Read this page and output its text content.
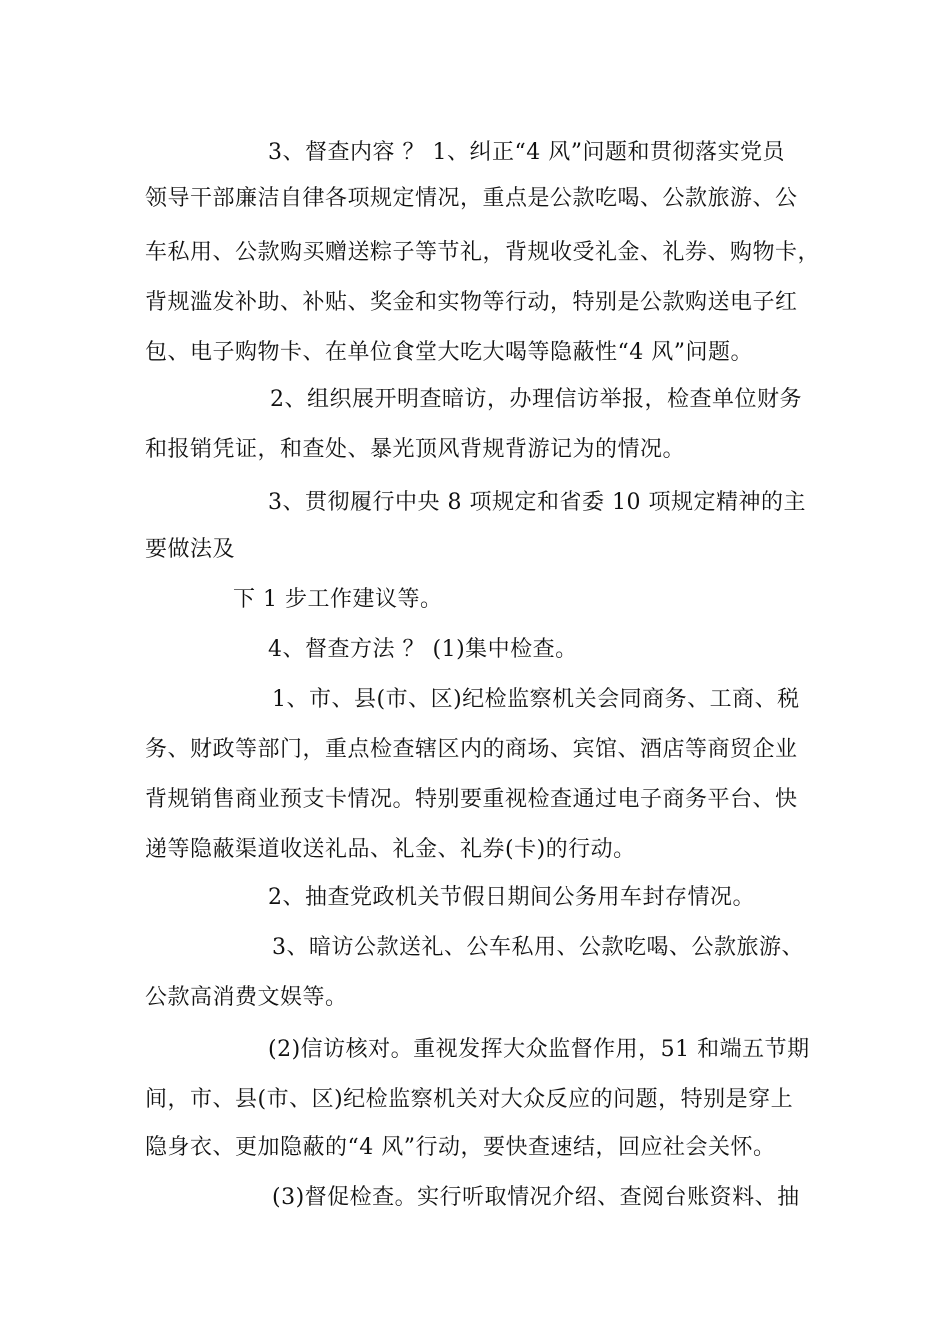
3、督查内容 ？ 1、纠正“4 风”问题和贯彻落实党员
领导干部廉洁自律各项规定情况，重点是公款吃喝、公款旅游、公
车私用、公款购买赠送粽子等节礼，背规收受礼金、礼券、购物卡，
背规滥发补助、补贴、奖金和实物等行动，特别是公款购送电子红
包、电子购物卡、在单位食堂大吃大喝等隐蔽性“4 风”问题。
2、组织展开明查暗访，办理信访举报，检查单位财务
和报销凭证，和查处、暴光顶风背规背游记为的情况。
3、贯彻履行中央 8 项规定和省委 10 项规定精神的主
要做法及
下 1 步工作建议等。
4、督查方法 ？ (1)集中检查。
1、市、县(市、区)纪检监察机关会同商务、工商、税
务、财政等部门，重点检查辖区内的商场、宾馆、酒店等商贸企业
背规销售商业预支卡情况。特别要重视检查通过电子商务平台、快
递等隐蔽渠道收送礼品、礼金、礼券(卡)的行动。
2、抽查党政机关节假日期间公务用车封存情况。
3、暗访公款送礼、公车私用、公款吃喝、公款旅游、
公款高消费文娱等。
(2)信访核对。重视发挥大众监督作用，51 和端五节期
间，市、县(市、区)纪检监察机关对大众反应的问题，特别是穿上
隐身衣、更加隐蔽的“4 风”行动，要快查速结，回应社会关怀。
(3)督促检查。实行听取情况介绍、查阅台账资料、抽
